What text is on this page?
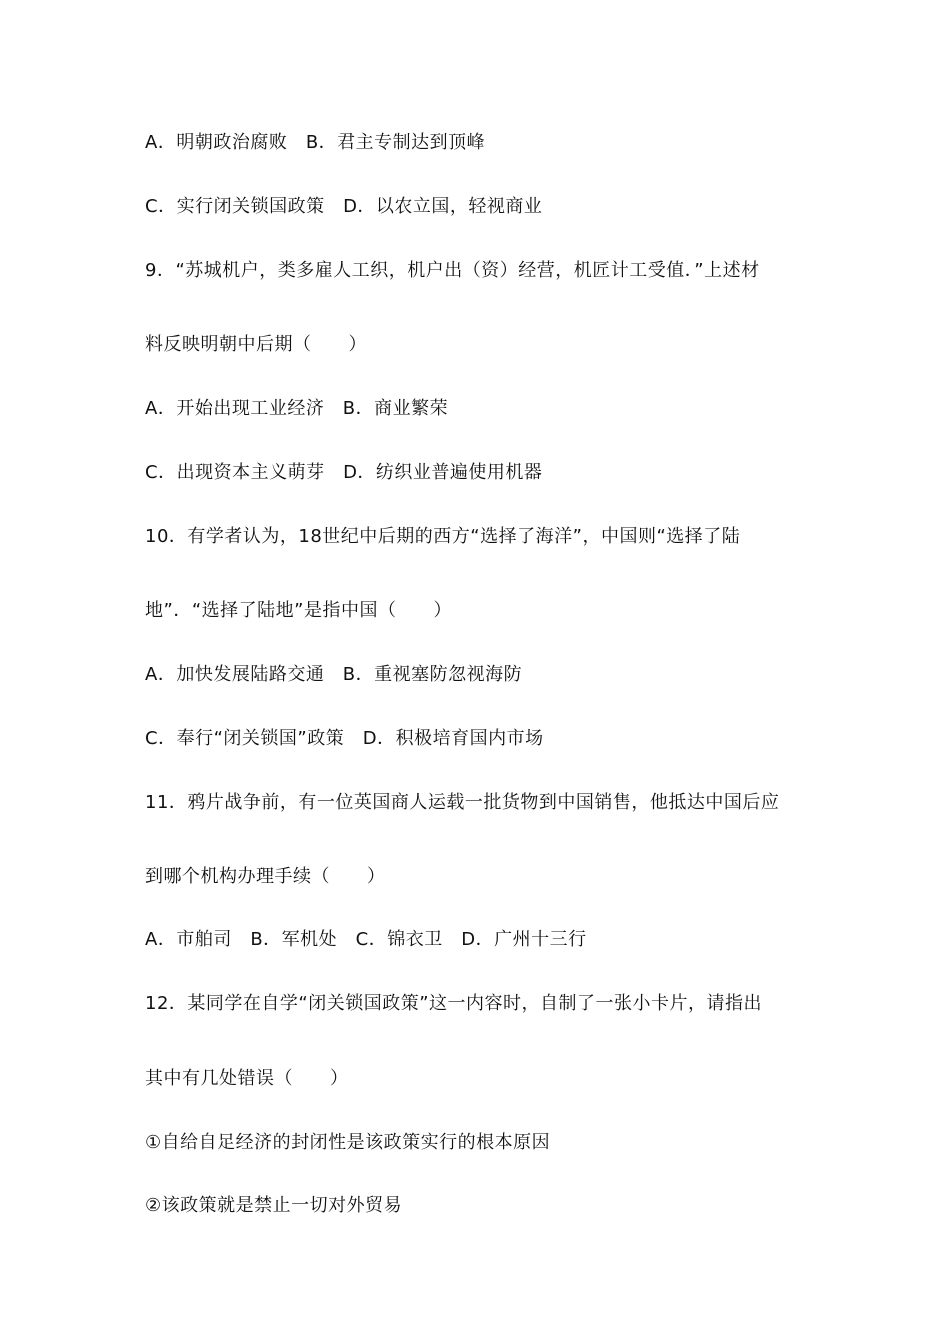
A．明朝政治腐败　B．君主专制达到顶峰
C．实行闭关锁国政策　D．以农立国，轻视商业
9．“苏城机户，类多雇人工织，机户出（资）经营，机匠计工受值．”上述材
料反映明朝中后期（　　）
A．开始出现工业经济　B．商业繁荣
C．出现资本主义萌芽　D．纺织业普遍使用机器
10．有学者认为，18世纪中后期的西方“选择了海洋”，中国则“选择了陆
地”．“选择了陆地”是指中国（　　）
A．加快发展陆路交通　B．重视塞防忽视海防
C．奉行“闭关锁国”政策　D．积极培育国内市场
11．鸦片战争前，有一位英国商人运载一批货物到中国销售，他抵达中国后应
到哪个机构办理手续（　　）
A．市舶司　B．军机处　C．锦衣卫　D．广州十三行
12．某同学在自学“闭关锁国政策”这一内容时，自制了一张小卡片，请指出
其中有几处错误（　　）
①自给自足经济的封闭性是该政策实行的根本原因
②该政策就是禁止一切对外贸易
